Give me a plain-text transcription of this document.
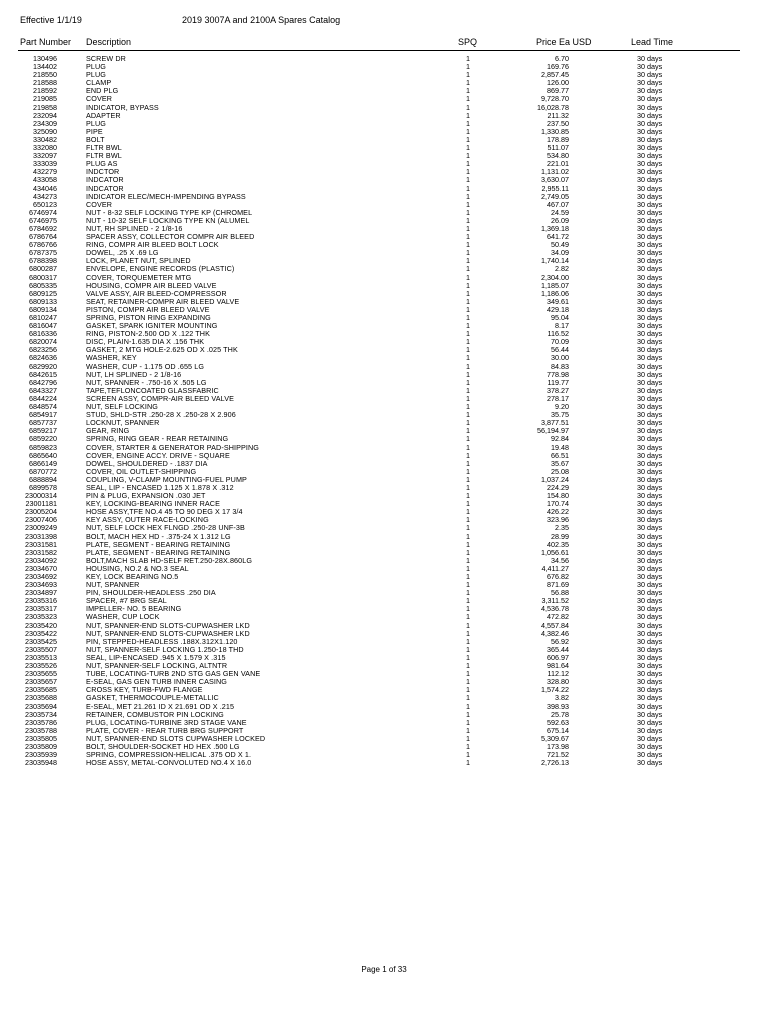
Effective 1/1/19	2019 3007A and 2100A Spares Catalog
Part Number Description	SPQ	Price Ea USD	Lead Time
130496	SCREW DR	1	6.70	30 days
134402	PLUG	1	169.76	30 days
218550	PLUG	1	2,857.45	30 days
218588	CLAMP	1	126.00	30 days
218592	END PLG	1	869.77	30 days
219085	COVER	1	9,728.70	30 days
219858	INDICATOR, BYPASS	1	16,028.78	30 days
232094	ADAPTER	1	211.32	30 days
234309	PLUG	1	237.50	30 days
325090	PIPE	1	1,330.85	30 days
330482	BOLT	1	178.89	30 days
332080	FLTR BWL	1	511.07	30 days
332097	FLTR BWL	1	534.80	30 days
333039	PLUG AS	1	221.01	30 days
432279	INDCTOR	1	1,131.02	30 days
433058	INDCATOR	1	3,630.07	30 days
434046	INDCATOR	1	2,955.11	30 days
434273	INDICATOR ELEC/MECH-IMPENDING BYPASS	1	2,749.05	30 days
650123	COVER	1	467.07	30 days
6746974	NUT - 8-32 SELF LOCKING TYPE KP (CHROMEL	1	24.59	30 days
6746975	NUT - 10-32 SELF LOCKING TYPE KN (ALUMEL	1	26.09	30 days
6784692	NUT, RH SPLINED - 2 1/8-16	1	1,369.18	30 days
6786764	SPACER ASSY, COLLECTOR COMPR AIR BLEED	1	641.72	30 days
6786766	RING, COMPR AIR BLEED BOLT LOCK	1	50.49	30 days
6787375	DOWEL, .25 X .69 LG	1	34.09	30 days
6788398	LOCK, PLANET NUT, SPLINED	1	1,740.14	30 days
6800287	ENVELOPE, ENGINE RECORDS (PLASTIC)	1	2.82	30 days
6800317	COVER, TORQUEMETER MTG	1	2,304.00	30 days
6805335	HOUSING, COMPR AIR BLEED VALVE	1	1,185.07	30 days
6809125	VALVE ASSY, AIR BLEED-COMPRESSOR	1	1,186.06	30 days
6809133	SEAT, RETAINER-COMPR AIR BLEED VALVE	1	349.61	30 days
6809134	PISTON, COMPR AIR BLEED VALVE	1	429.18	30 days
6810247	SPRING, PISTON RING EXPANDING	1	95.04	30 days
6816047	GASKET, SPARK IGNITER MOUNTING	1	8.17	30 days
6816336	RING, PISTON-2.500 OD X .122 THK	1	116.52	30 days
6820074	DISC, PLAIN-1.635 DIA X .156 THK	1	70.09	30 days
6823256	GASKET, 2 MTG HOLE-2.625 OD X .025 THK	1	56.44	30 days
6824636	WASHER, KEY	1	30.00	30 days
6829920	WASHER, CUP - 1.175 OD .655 LG	1	84.83	30 days
6842615	NUT, LH SPLINED - 2 1/8-16	1	778.98	30 days
6842796	NUT, SPANNER - .750-16 X .505 LG	1	119.77	30 days
6843327	TAPE,TEFLONCOATED GLASSFABRIC	1	378.27	30 days
6844224	SCREEN ASSY, COMPR-AIR BLEED VALVE	1	278.17	30 days
6848574	NUT, SELF LOCKING	1	9.20	30 days
6854917	STUD, SHLD-STR .250-28 X .250-28 X 2.906	1	35.75	30 days
6857737	LOCKNUT, SPANNER	1	3,877.51	30 days
6859217	GEAR, RING	1	56,194.97	30 days
6859220	SPRING, RING GEAR - REAR RETAINING	1	92.84	30 days
6859823	COVER, STARTER & GENERATOR PAD-SHIPPING	1	19.48	30 days
6865640	COVER, ENGINE ACCY. DRIVE - SQUARE	1	66.51	30 days
6866149	DOWEL, SHOULDERED - .1837 DIA	1	35.67	30 days
6870772	COVER, OIL OUTLET-SHIPPING	1	25.08	30 days
6888894	COUPLING, V-CLAMP MOUNTING-FUEL PUMP	1	1,037.24	30 days
6899578	SEAL, LIP - ENCASED 1.125 X 1.878 X .312	1	224.29	30 days
23000314	PIN & PLUG, EXPANSION .030 JET	1	154.80	30 days
23001181	KEY, LOCKING-BEARING INNER RACE	1	170.74	30 days
23005204	HOSE ASSY,TFE NO.4 45 TO 90 DEG X 17 3/4	1	426.22	30 days
23007406	KEY ASSY, OUTER RACE-LOCKING	1	323.96	30 days
23009249	NUT, SELF LOCK HEX FLNGD .250-28 UNF-3B	1	2.35	30 days
23031398	BOLT, MACH HEX HD - .375-24 X 1.312 LG	1	28.99	30 days
23031581	PLATE, SEGMENT - BEARING RETAINING	1	402.35	30 days
23031582	PLATE, SEGMENT - BEARING RETAINING	1	1,056.61	30 days
23034092	BOLT,MACH SLAB HD-SELF RET.250-28X.860LG	1	34.56	30 days
23034670	HOUSING, NO.2 & NO.3 SEAL	1	4,411.27	30 days
23034692	KEY, LOCK BEARING NO.5	1	676.82	30 days
23034693	NUT, SPANNER	1	871.69	30 days
23034897	PIN, SHOULDER-HEADLESS .250 DIA	1	56.88	30 days
23035316	SPACER, #7 BRG SEAL	1	3,311.52	30 days
23035317	IMPELLER- NO. 5 BEARING	1	4,536.78	30 days
23035323	WASHER, CUP LOCK	1	472.82	30 days
23035420	NUT, SPANNER-END SLOTS-CUPWASHER LKD	1	4,557.84	30 days
23035422	NUT, SPANNER-END SLOTS-CUPWASHER LKD	1	4,382.46	30 days
23035425	PIN, STEPPED-HEADLESS .188X.312X1.120	1	56.92	30 days
23035507	NUT, SPANNER-SELF LOCKING 1.250-18 THD	1	365.44	30 days
23035513	SEAL, LIP-ENCASED .945 X 1.579 X .315	1	606.97	30 days
23035526	NUT, SPANNER-SELF LOCKING, ALTNTR	1	981.64	30 days
23035655	TUBE, LOCATING-TURB 2ND STG GAS GEN VANE	1	112.12	30 days
23035657	E-SEAL, GAS GEN TURB INNER CASING	1	328.80	30 days
23035685	CROSS KEY, TURB-FWD FLANGE	1	1,574.22	30 days
23035688	GASKET, THERMOCOUPLE-METALLIC	1	3.82	30 days
23035694	E-SEAL, MET 21.261 ID X 21.691 OD X .215	1	398.93	30 days
23035734	RETAINER, COMBUSTOR PIN LOCKING	1	25.78	30 days
23035786	PLUG, LOCATING-TURBINE 3RD STAGE VANE	1	592.63	30 days
23035788	PLATE, COVER - REAR TURB BRG SUPPORT	1	675.14	30 days
23035805	NUT, SPANNER-END SLOTS CUPWASHER LOCKED	1	5,309.67	30 days
23035809	BOLT, SHOULDER-SOCKET HD HEX .500 LG	1	173.98	30 days
23035939	SPRING, COMPRESSION-HELICAL .375 OD X 1.	1	721.52	30 days
23035948	HOSE ASSY, METAL-CONVOLUTED NO.4 X 16.0	1	2,726.13	30 days
Page 1 of 33
